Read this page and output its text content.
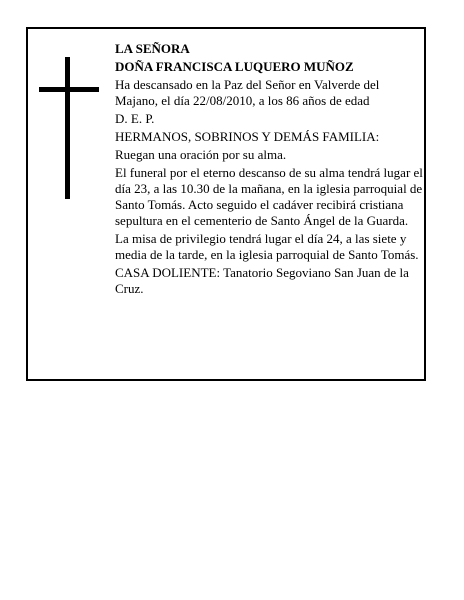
LA SEÑORA

DOÑA FRANCISCA LUQUERO MUÑOZ

Ha descansado en la Paz del Señor en Valverde del Majano, el día 22/08/2010, a los 86 años de edad

D. E. P.

HERMANOS, SOBRINOS Y DEMÁS FAMILIA:

Ruegan una oración por su alma.

El funeral por el eterno descanso de su alma tendrá lugar el día 23, a las 10.30 de la mañana, en la iglesia parroquial de Santo Tomás. Acto seguido el cadáver recibirá cristiana sepultura en el cementerio de Santo Ángel de la Guarda.

La misa de privilegio tendrá lugar el día 24, a las siete y media de la tarde, en la iglesia parroquial de Santo Tomás.

CASA DOLIENTE: Tanatorio Segoviano San Juan de la Cruz.
